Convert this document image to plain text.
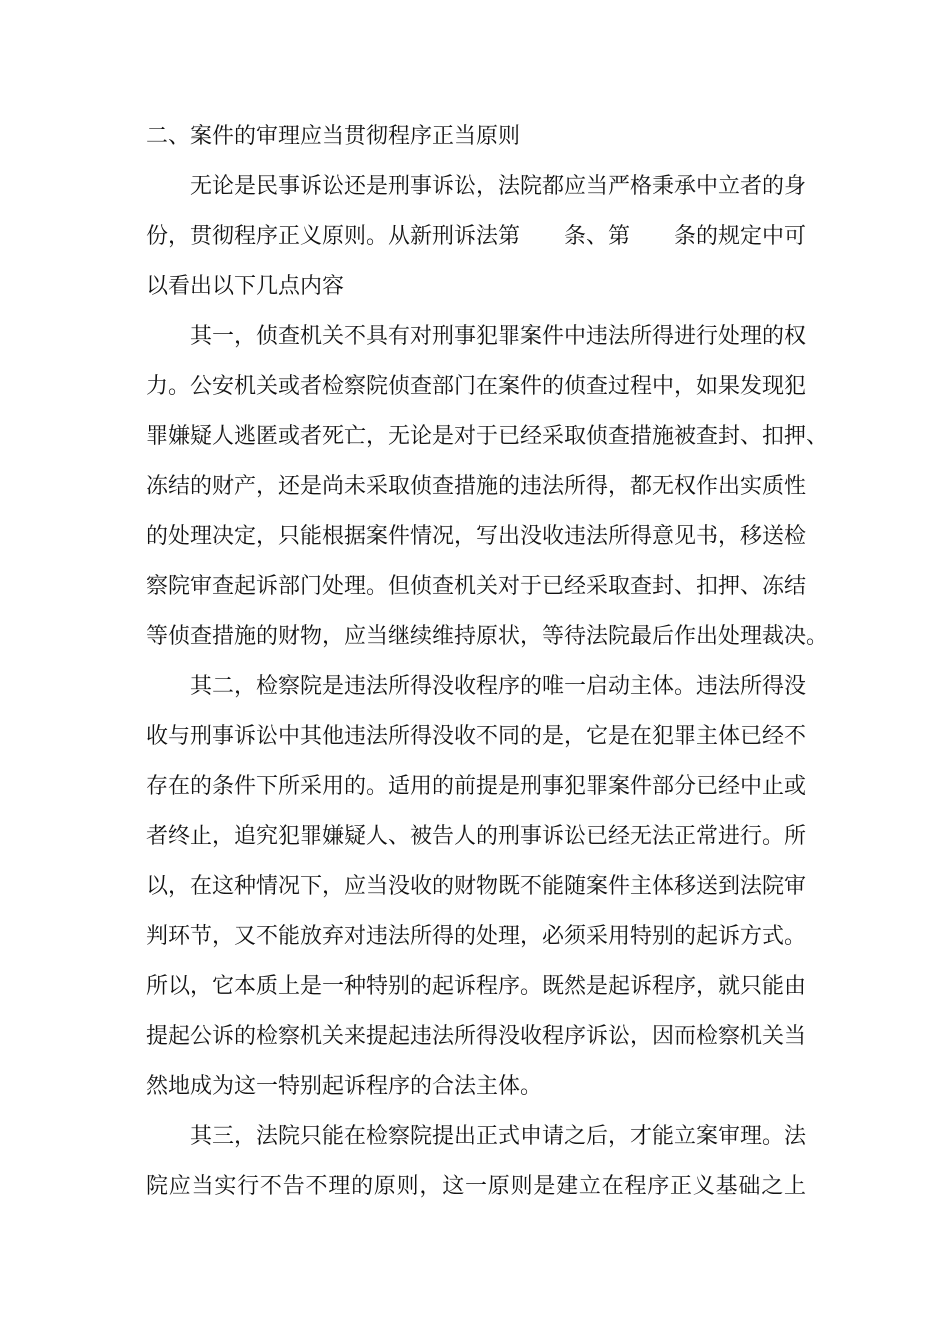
二、案件的审理应当贯彻程序正当原则
无论是民事诉讼还是刑事诉讼，法院都应当严格秉承中立者的身
份，贯彻程序正义原则。从新刑诉法第　　条、第　　条的规定中可
以看出以下几点内容
其一，侦查机关不具有对刑事犯罪案件中违法所得进行处理的权
力。公安机关或者检察院侦查部门在案件的侦查过程中，如果发现犯
罪嫌疑人逃匿或者死亡，无论是对于已经采取侦查措施被查封、扣押、
冻结的财产，还是尚未采取侦查措施的违法所得，都无权作出实质性
的处理决定，只能根据案件情况，写出没收违法所得意见书，移送检
察院审查起诉部门处理。但侦查机关对于已经采取查封、扣押、冻结
等侦查措施的财物，应当继续维持原状，等待法院最后作出处理裁决。
其二，检察院是违法所得没收程序的唯一启动主体。违法所得没
收与刑事诉讼中其他违法所得没收不同的是，它是在犯罪主体已经不
存在的条件下所采用的。适用的前提是刑事犯罪案件部分已经中止或
者终止，追究犯罪嫌疑人、被告人的刑事诉讼已经无法正常进行。所
以，在这种情况下，应当没收的财物既不能随案件主体移送到法院审
判环节，又不能放弃对违法所得的处理，必须采用特别的起诉方式。
所以，它本质上是一种特别的起诉程序。既然是起诉程序，就只能由
提起公诉的检察机关来提起违法所得没收程序诉讼，因而检察机关当
然地成为这一特别起诉程序的合法主体。
其三，法院只能在检察院提出正式申请之后，才能立案审理。法
院应当实行不告不理的原则，这一原则是建立在程序正义基础之上
